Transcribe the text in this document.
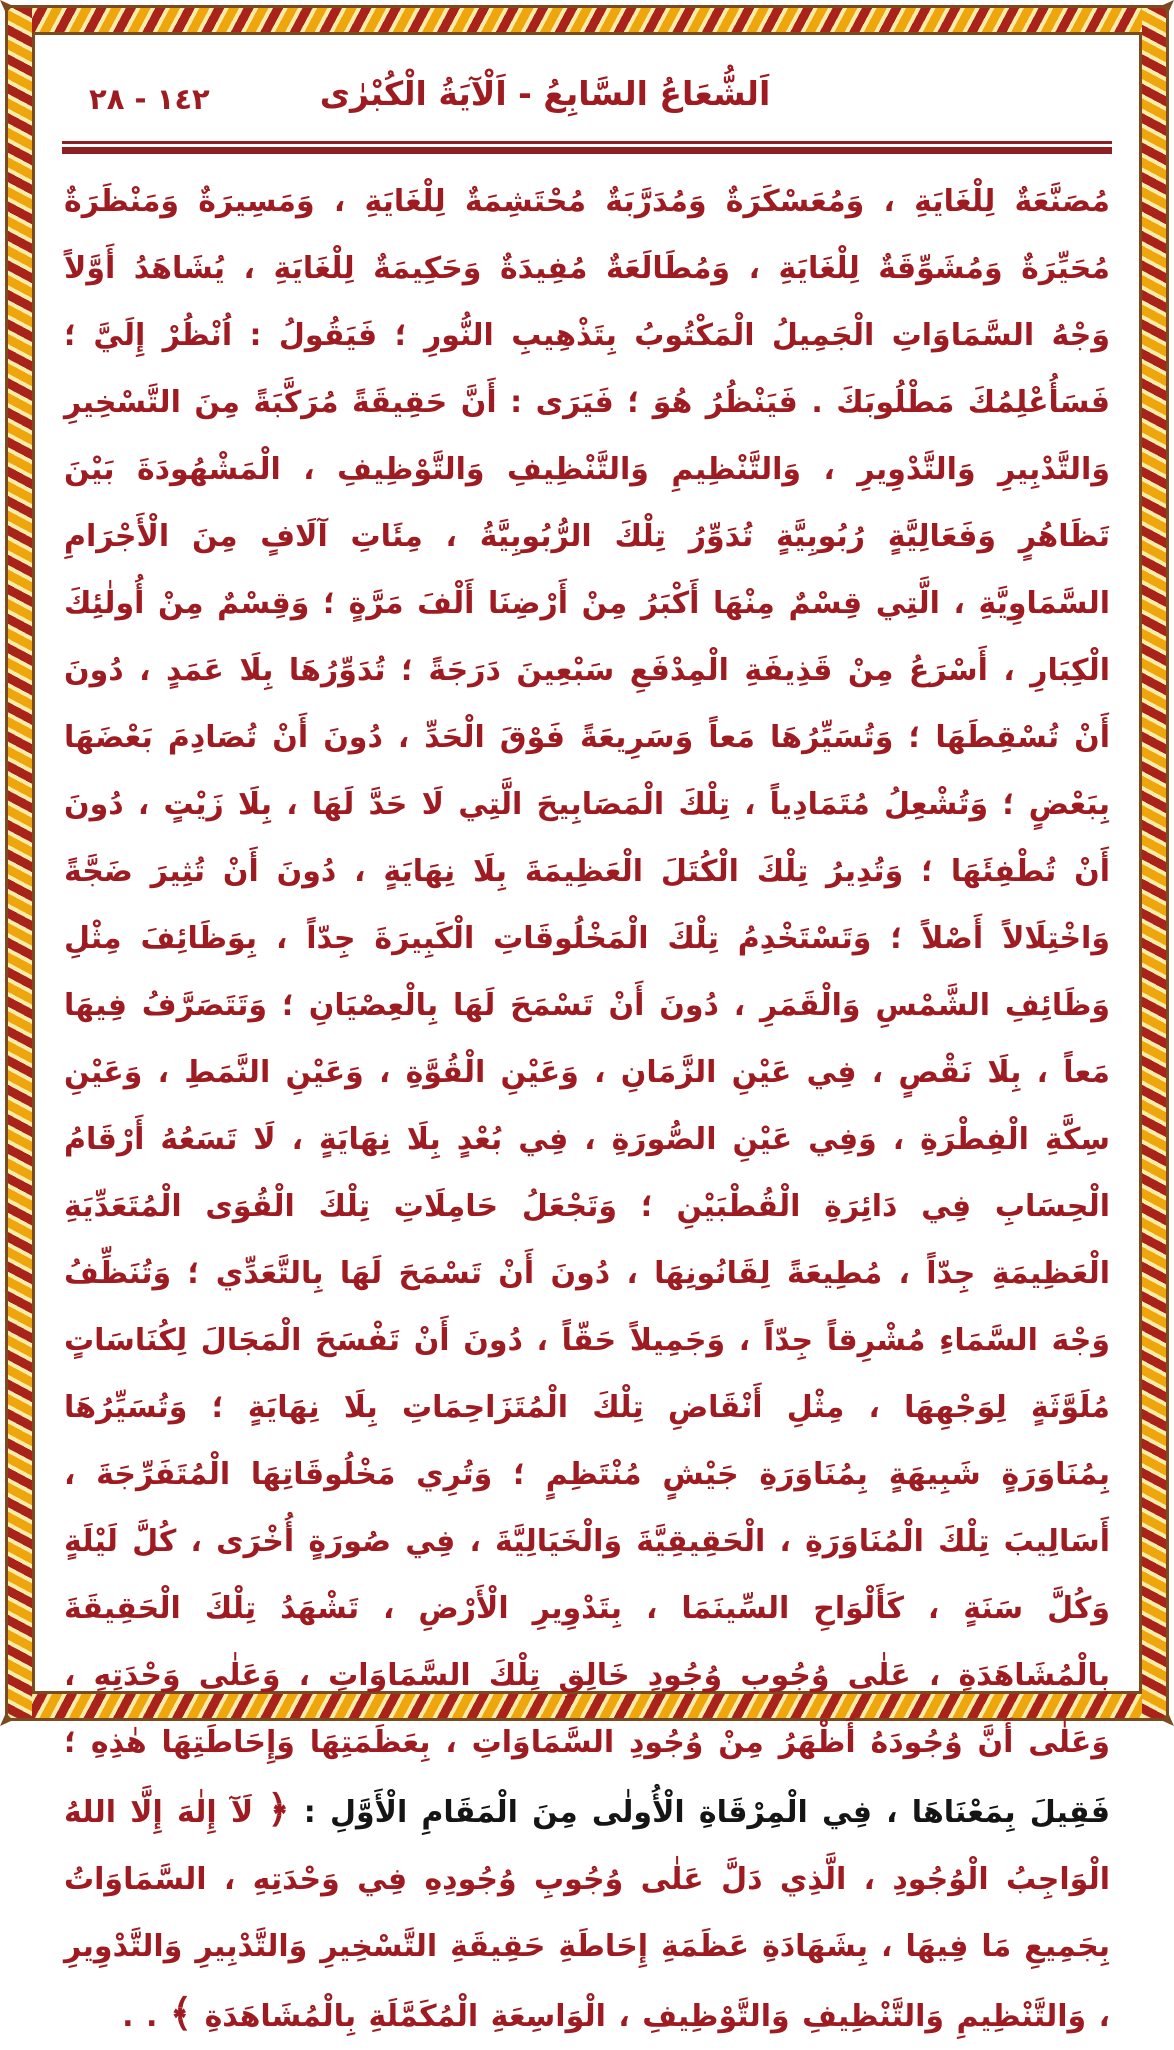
اَلشُّعَاعُ السَّابِعُ - اَلْآيَةُ الْكُبْرٰى
١٤٢ - ٢٨

مُصَنَّعَةٌ لِلْغَايَةِ ، وَمُعَسْكَرَةٌ وَمُدَرَّبَةٌ مُحْتَشِمَةٌ لِلْغَايَةِ ، وَمَسِيرَةٌ وَمَنْظَرَةٌ مُحَيِّرَةٌ وَمُشَوِّقَةٌ لِلْغَايَةِ ، وَمُطَالَعَةٌ مُفِيدَةٌ وَحَكِيمَةٌ لِلْغَايَةِ ، يُشَاهَدُ أَوَّلاً وَجْهُ السَّمَاوَاتِ الْجَمِيلُ الْمَكْتُوبُ بِتَذْهِيبِ النُّورِ ؛ فَيَقُولُ : اُنْظُرْ إِلَيَّ ؛ فَسَأُعْلِمُكَ مَطْلُوبَكَ . فَيَنْظُرُ هُوَ ؛ فَيَرَى : أَنَّ حَقِيقَةً مُرَكَّبَةً مِنَ التَّسْخِيرِ وَالتَّدْبِيرِ وَالتَّدْوِيرِ ، وَالتَّنْظِيمِ وَالتَّنْظِيفِ وَالتَّوْظِيفِ ، الْمَشْهُودَةَ بَيْنَ تَظَاهُرٍ وَفَعَالِيَّةٍ رُبُوبِيَّةٍ تُدَوِّرُ تِلْكَ الرُّبُوبِيَّةُ ، مِئَاتِ آلَافٍ مِنَ الْأَجْرَامِ السَّمَاوِيَّةِ ، الَّتِي قِسْمٌ مِنْهَا أَكْبَرُ مِنْ أَرْضِنَا أَلْفَ مَرَّةٍ ؛ وَقِسْمٌ مِنْ أُولٰئِكَ الْكِبَارِ ، أَسْرَعُ مِنْ قَذِيفَةِ الْمِدْفَعِ سَبْعِينَ دَرَجَةً ؛ تُدَوِّرُهَا بِلَا عَمَدٍ ، دُونَ أَنْ تُسْقِطَهَا ؛ وَتُسَيِّرُهَا مَعاً وَسَرِيعَةً فَوْقَ الْحَدِّ ، دُونَ أَنْ تُصَادِمَ بَعْضَهَا بِبَعْضٍ ؛ وَتُشْعِلُ مُتَمَادِياً ، تِلْكَ الْمَصَابِيحَ الَّتِي لَا حَدَّ لَهَا ، بِلَا زَيْتٍ ، دُونَ أَنْ تُطْفِئَهَا ؛ وَتُدِيرُ تِلْكَ الْكُتَلَ الْعَظِيمَةَ بِلَا نِهَايَةٍ ، دُونَ أَنْ تُثِيرَ ضَجَّةً وَاخْتِلَالاً أَصْلاً ؛ وَتَسْتَخْدِمُ تِلْكَ الْمَخْلُوقَاتِ الْكَبِيرَةَ جِدّاً ، بِوَظَائِفَ مِثْلِ وَظَائِفِ الشَّمْسِ وَالْقَمَرِ ، دُونَ أَنْ تَسْمَحَ لَهَا بِالْعِصْيَانِ ؛ وَتَتَصَرَّفُ فِيهَا مَعاً ، بِلَا نَقْصٍ ، فِي عَيْنِ الزَّمَانِ ، وَعَيْنِ الْقُوَّةِ ، وَعَيْنِ النَّمَطِ ، وَعَيْنِ سِكَّةِ الْفِطْرَةِ ، وَفِي عَيْنِ الصُّورَةِ ، فِي بُعْدٍ بِلَا نِهَايَةٍ ، لَا تَسَعُهُ أَرْقَامُ الْحِسَابِ فِي دَائِرَةِ الْقُطْبَيْنِ ؛ وَتَجْعَلُ حَامِلَاتِ تِلْكَ الْقُوَى الْمُتَعَدِّيَةِ الْعَظِيمَةِ جِدّاً ، مُطِيعَةً لِقَانُونِهَا ، دُونَ أَنْ تَسْمَحَ لَهَا بِالتَّعَدِّي ؛ وَتُنَظِّفُ وَجْهَ السَّمَاءِ مُشْرِقاً جِدّاً ، وَجَمِيلاً حَقّاً ، دُونَ أَنْ تَفْسَحَ الْمَجَالَ لِكُنَاسَاتٍ مُلَوَّثَةٍ لِوَجْهِهَا ، مِثْلِ أَنْقَاضِ تِلْكَ الْمُتَزَاحِمَاتِ بِلَا نِهَايَةٍ ؛ وَتُسَيِّرُهَا بِمُنَاوَرَةٍ شَبِيهَةٍ بِمُنَاوَرَةِ جَيْشٍ مُنْتَظِمٍ ؛ وَتُرِي مَخْلُوقَاتِهَا الْمُتَفَرِّجَةَ ، أَسَالِيبَ تِلْكَ الْمُنَاوَرَةِ ، الْحَقِيقِيَّةَ وَالْخَيَالِيَّةَ ، فِي صُورَةٍ أُخْرَى ، كُلَّ لَيْلَةٍ وَكُلَّ سَنَةٍ ، كَأَلْوَاحِ السِّينَمَا ، بِتَدْوِيرِ الْأَرْضِ ، تَشْهَدُ تِلْكَ الْحَقِيقَةَ بِالْمُشَاهَدَةِ ، عَلٰى وُجُوبِ وُجُودِ خَالِقِ تِلْكَ السَّمَاوَاتِ ، وَعَلٰى وَحْدَتِهِ ، وَعَلٰى أَنَّ وُجُودَهُ أَظْهَرُ مِنْ وُجُودِ السَّمَاوَاتِ ، بِعَظَمَتِهَا وَإِحَاطَتِهَا هٰذِهِ ؛ فَقِيلَ بِمَعْنَاهَا ، فِي الْمِرْقَاةِ الْأُولٰى مِنَ الْمَقَامِ الْأَوَّلِ : ﴿ لَآ إِلٰهَ إِلَّا اللهُ الْوَاجِبُ الْوُجُودِ ، الَّذِي دَلَّ عَلٰى وُجُوبِ وُجُودِهِ فِي وَحْدَتِهِ ، السَّمَاوَاتُ بِجَمِيعِ مَا فِيهَا ، بِشَهَادَةِ عَظَمَةِ إِحَاطَةِ حَقِيقَةِ التَّسْخِيرِ وَالتَّدْبِيرِ وَالتَّدْوِيرِ ، وَالتَّنْظِيمِ وَالتَّنْظِيفِ وَالتَّوْظِيفِ ، الْوَاسِعَةِ الْمُكَمَّلَةِ بِالْمُشَاهَدَةِ ﴾ . .
